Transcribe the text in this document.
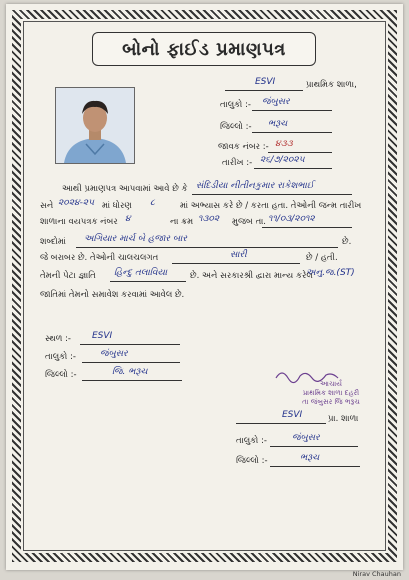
બોનો ફાઈડ પ્રમાણપત્ર
ESVI	પ્રાથમિક શાળા,
તાલુકો :- જંબુસર
જિલ્લો :- ભરૂચ
જાવક નંબર :- ૪૩૩
તારીખ :- ૨૬/૭/૨૦૨૫
આથી પ્રમાણપત્ર આપવામાં આવે છે કે સંદિડીયા નીતીનકુમાર રાકેશભાઈ
સને ૨૦૨૪-૨૫ માં ધોરણ ૮	માં અભ્યાસ કરે છે / કરતા હતા. તેઓની જન્મ તારીખ
શાળાના વયપત્રક નંબર ૪	ના ક્રમ ૧૩૦૨ મુજબ તા. ૧૧/૦૩/૨૦૧૨
શબ્દોમાં અગિયાર માર્ચ બે હજાર બાર	છે.
જે બરાબર છે. તેઓની ચાલચલગત	સારી	છે / હતી.
તેમની પેટા જ્ઞાતિ હિન્દુ તલાવિયા	છે. અને સરકારશ્રી દ્વારા માન્ય કરેલ
અનુ.જ.(ST)
જાતિમાં તેમનો સમાવેશ કરવામાં આવેલ છે.
સ્થળ :- ESVI
તાલુકો :-	જંબુસર
જિલ્લો :-	જિ. ભરૂચ
આચાર્ય
પ્રાથમિક શાળા દહરી
તા જંબુસર જિ ભરૂચ
ESVI	પ્રા. શાળા
તાલુકો :-	જંબુસર
જિલ્લો :-	ભરૂચ
Nirav Chauhan
